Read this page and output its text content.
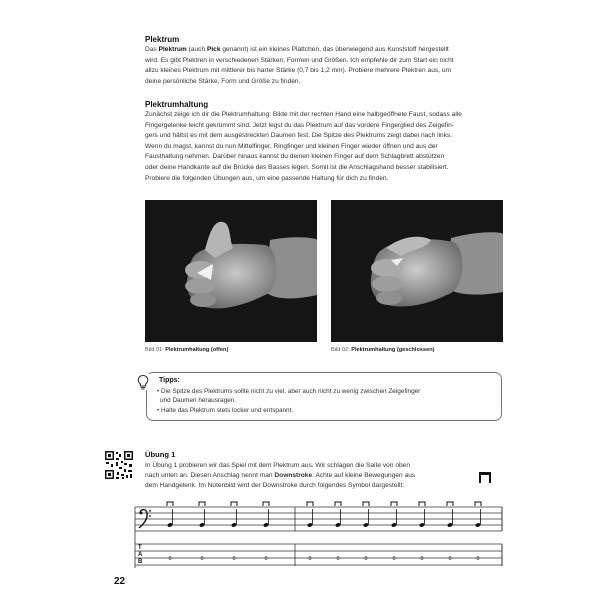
Plektrum
Das Plektrum (auch Pick genannt) ist ein kleines Plättchen, das überwiegend aus Kunststoff hergestellt
wird. Es gibt Plektren in verschiedenen Stärken, Formen und Größen. Ich empfehle dir zum Start ein nicht
allzu kleines Plektrum mit mittlerer bis harter Stärke (0,7 bis 1,2 mm). Probiere mehrere Plektren aus, um
deine persönliche Stärke, Form und Größe zu finden.
Plektrumhaltung
Zunächst zeige ich dir die Plektrumhaltung: Bilde mit der rechten Hand eine halbgeöffnete Faust, sodass alle
Fingergelenke leicht gekrümmt sind. Jetzt legst du das Plektrum auf das vordere Fingerglied des Zeigefin-
gers und hältst es mit dem ausgestreckten Daumen fest. Die Spitze des Plektrums zeigt dabei nach links.
Wenn du magst, kannst du nun Mittelfinger, Ringfinger und kleinen Finger wieder öffnen und aus der
Fausthaltung nehmen. Darüber hinaus kannst du deinen kleinen Finger auf dem Schlagbrett abstützen
oder deine Handkante auf die Brücke des Basses legen. Somit ist die Anschlagshand besser stabilisiert.
Probiere die folgenden Übungen aus, um eine passende Haltung für dich zu finden.
Bild 01: Plektrumhaltung (offen)	Bild 02: Plektrumhaltung (geschlossen)
Tipps:
• Die Spitze des Plektrums sollte nicht zu viel, aber auch nicht zu wenig zwischen Zeigefinger
und Daumen herausragen.
• Halte das Plektrum stets locker und entspannt.
Übung 1
In Übung 1 probieren wir das Spiel mit dem Plektrum aus. Wir schlagen die Saite von oben
nach unten an. Diesen Anschlag nennt man Downstroke. Achte auf kleine Bewegungen aus
dem Handgelenk. Im Notenbild wird der Downstroke durch folgendes Symbol dargestellt:
T
A
B	0	0	0	0	0	0	0	0	0	0	0
22
